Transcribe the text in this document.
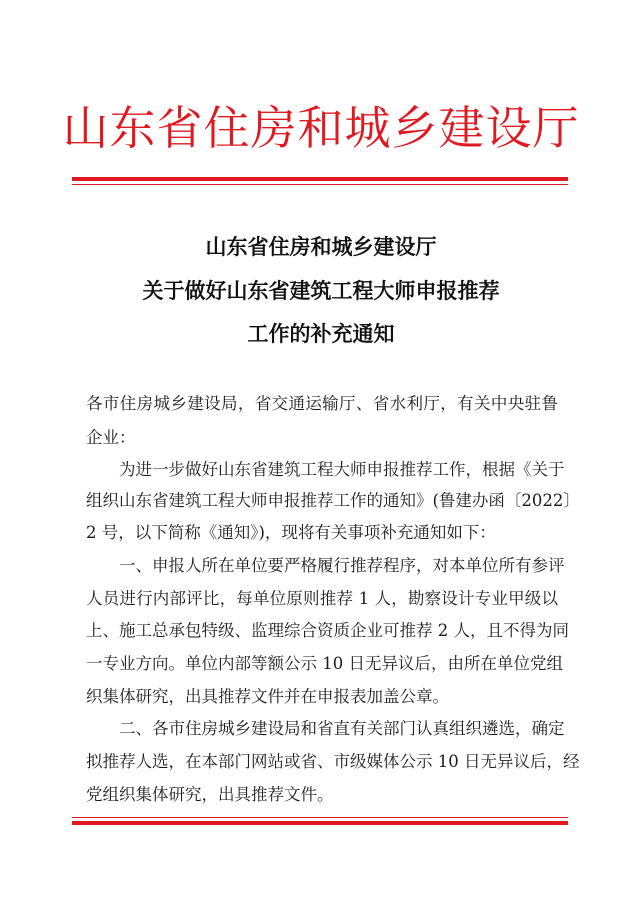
山东省住房和城乡建设厅
山东省住房和城乡建设厅
关于做好山东省建筑工程大师申报推荐
工作的补充通知
各市住房城乡建设局，省交通运输厅、省水利厅，有关中央驻鲁
企业：
为进一步做好山东省建筑工程大师申报推荐工作，根据《关于
组织山东省建筑工程大师申报推荐工作的通知》(鲁建办函〔2022〕
2 号，以下简称《通知》)，现将有关事项补充通知如下：
一、申报人所在单位要严格履行推荐程序，对本单位所有参评
人员进行内部评比，每单位原则推荐 1 人，勘察设计专业甲级以
上、施工总承包特级、监理综合资质企业可推荐 2 人，且不得为同
一专业方向。单位内部等额公示 10 日无异议后，由所在单位党组
织集体研究，出具推荐文件并在申报表加盖公章。
二、各市住房城乡建设局和省直有关部门认真组织遴选，确定
拟推荐人选，在本部门网站或省、市级媒体公示 10 日无异议后，经
党组织集体研究，出具推荐文件。
